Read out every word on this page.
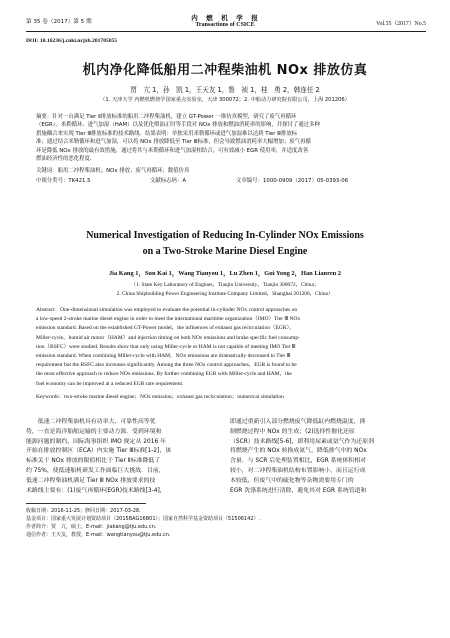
第 35 卷（2017）第 5 期	内　燃　机　学　报
Transactions of CSICE	Vol.35（2017）No.5
DOI: 10.16236/j.cnki.nrjxb.201705055
机内净化降低船用二冲程柴油机 NOx 排放仿真
贾　亢 1，孙　凯 1，王天友 1，鲁　祯 1，桂　勇 2，韩连任 2
（1. 天津大学 内燃机燃烧学国家重点实验室，天津 300072；2. 中船动力研究院有限公司，上海 201206）
摘要：针对一台满足 Tier Ⅱ排放标准的船用二冲程柴油机，建立 GT-Power 一维仿真模型，研究了废气再循环
（EGR）、米勒循环、进气加湿（HAM）以及优化喷油正时等手段对 NOx 排放和燃油消耗率的影响，并探讨了通过多种
措施耦合来实现 Tier Ⅲ排放标准的技术路线．结果表明：单独采用米勒循环或进气加湿难以达到 Tier Ⅲ排放标
准；通过结合米勒循环和进气加湿，可以将 NOx 排放降低至 Tier Ⅲ标准，但会导致燃油消耗率大幅增加；废气再循
环是降低 NOx 排放的最有效措施，通过将其与米勒循环和进气加湿相结合，可有效减小 EGR 使用率，并适度改善
燃油经济性的恶化程度．
关键词：船用二冲程柴油机；NOx 排放；废气再循环；数值仿真
中图分类号：TK421.5	文献标志码：A	文章编号：1000-0909（2017）05-0393-06
Numerical Investigation of Reducing In-Cylinder NOx Emissions
on a Two-Stroke Marine Diesel Engine
Jia Kang 1，Sun Kai 1，Wang Tianyou 1，Lu Zhen 1，Gui Yong 2，Han Lianren 2
（1. State Key Laboratory of Engines，Tianjin University，Tianjin 300072，China；
2. China Shipbuilding Power Engineering Institute Company Limited，Shanghai 201206，China）
Abstract：One-dimensional simulation was employed to evaluate the potential in-cylinder NOx control approaches on
a low-speed 2-stroke marine diesel engine in order to meet the international maritime organization（IMO）Tier Ⅲ NOx
emission standard. Based on the established GT-Power model，the influences of exhaust gas recirculation（EGR），
Miller-cycle，humid air motor（HAM）and injection timing on both NOx emissions and brake specific fuel consump-
tion（BSFC）were studied. Results show that only using Miller-cycle or HAM is not capable of meeting IMO Tier Ⅲ
emission standard. When combining Miller-cycle with HAM，NOx emissions are dramatically decreased to Tier Ⅲ
requirement but the BSFC also increases significantly. Among the three NOx control approaches，EGR is found to be
the most effective approach to reduce NOx emissions. By further combining EGR with Miller-cycle and HAM，the
fuel economy can be improved at a reduced EGR rate requirement.
Keywords：two-stroke marine diesel engine；NOx emission；exhaust gas recirculation；numerical simulation
　　低速二冲程柴油机具有功率大、可靠性高等优
势，一直是海洋船舶运输的主要动力源．受到环境和
能源问题的制约，国际海事组织 IMO 规定从 2016 年
开始在排放控制区（ECA）内实施 Tier Ⅲ标准[1-2]，该
标准关于 NOx 排放的限值相比于 Tier Ⅱ标准降低了
约 75%，使低速船机研发工作面临巨大挑战．目前，
低速二冲程柴油机满足 Tier Ⅲ NOx 排放要求的技
术路线主要有：(1)废气再循环(EGR)技术路线[3-4]，
即通过重新引入部分燃烧废气降低缸内燃烧温度，抑
制燃烧过程中 NOx 的生成；(2)选择性催化还原
（SCR）技术路线[5-6]，即利用尿素或氨气作为还原剂
将燃烧产生的 NOx 转换成氮气，降低排气中的 NOx
含量．与 SCR 后处理装置相比，EGR 系统体积相对
较小，对二冲程柴油机结构布置影响小，而且运行成
本较低，但废气中的硫化物等杂物需要用专门的
EGR 洗涤系统进行清除，避免其对 EGR 系统管道和
收稿日期：2016-11-25；修回日期：2017-03-28.
基金项目：国家重大发展计划资助项目（2015BAG16B01）；国家自然科学基金资助项目（51506142）.
作者简介：贾　亢，硕士，E-mail：jiakang@tju.edu.cn.
通信作者：王天友，教授，E-mail：wangtianyou@tju.edu.cn.
